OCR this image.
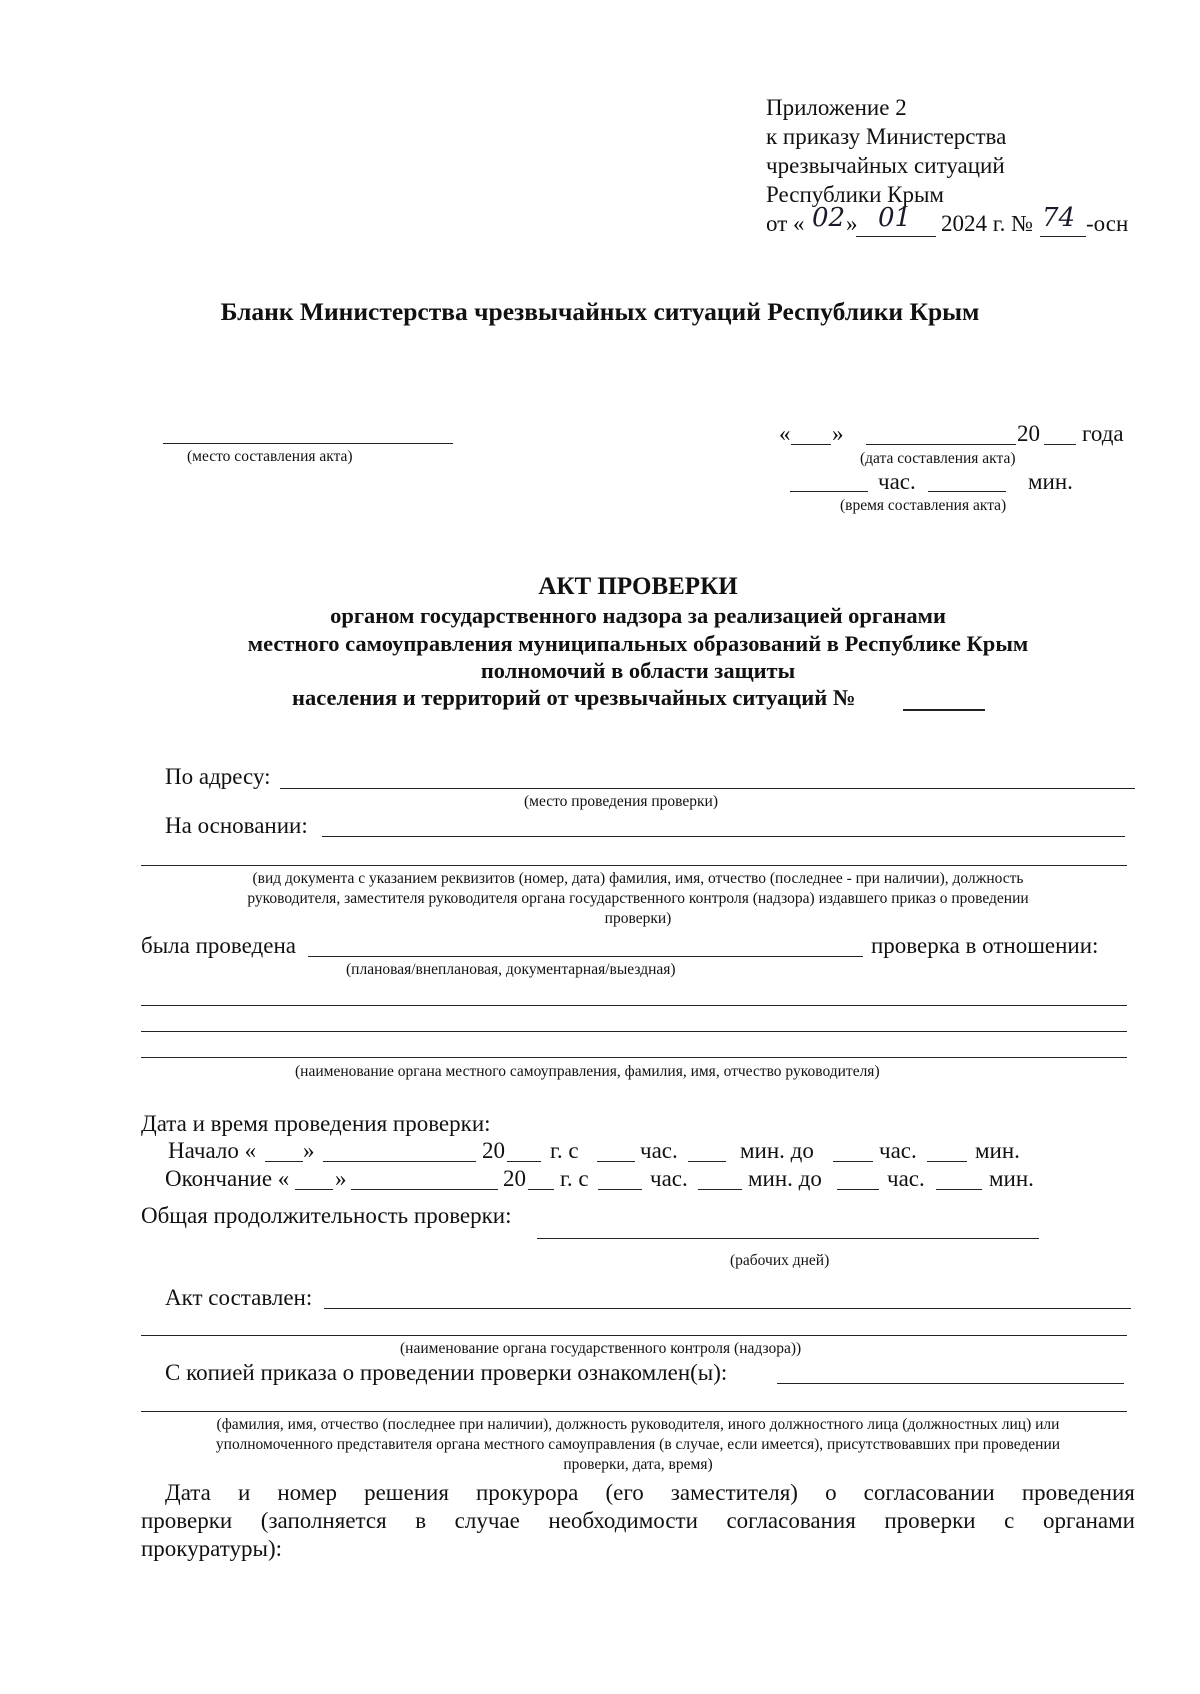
Приложение 2
к приказу Министерства
чрезвычайных ситуаций
Республики Крым
от « 02 » 01 2024 г. № 74 -осн
Бланк Министерства чрезвычайных ситуаций Республики Крым
(место составления акта)
« »	20 года
(дата составления акта)
час.	мин.
(время составления акта)
АКТ ПРОВЕРКИ
органом государственного надзора за реализацией органами
местного самоуправления муниципальных образований в Республике Крым
полномочий в области защиты
населения и территорий от чрезвычайных ситуаций №
По адресу:
(место проведения проверки)
На основании:
(вид документа с указанием реквизитов (номер, дата) фамилия, имя, отчество (последнее - при наличии), должность
руководителя, заместителя руководителя органа государственного контроля (надзора) издавшего приказ о проведении
проверки)
была проведена	проверка в отношении:
(плановая/внеплановая, документарная/выездная)
(наименование органа местного самоуправления, фамилия, имя, отчество руководителя)
Дата и время проведения проверки:
Начало « »	20 г. с	час.	мин. до	час.	мин.
Окончание « »	20 г. с	час.	мин. до	час.	мин.
Общая продолжительность проверки:
(рабочих дней)
Акт составлен:
(наименование органа государственного контроля (надзора))
С копией приказа о проведении проверки ознакомлен(ы):
(фамилия, имя, отчество (последнее при наличии), должность руководителя, иного должностного лица (должностных лиц) или
уполномоченного представителя органа местного самоуправления (в случае, если имеется), присутствовавших при проведении
проверки, дата, время)
Дата и номер решения прокурора (его заместителя) о согласовании проведения
проверки (заполняется в случае необходимости согласования проверки с органами
прокуратуры):
